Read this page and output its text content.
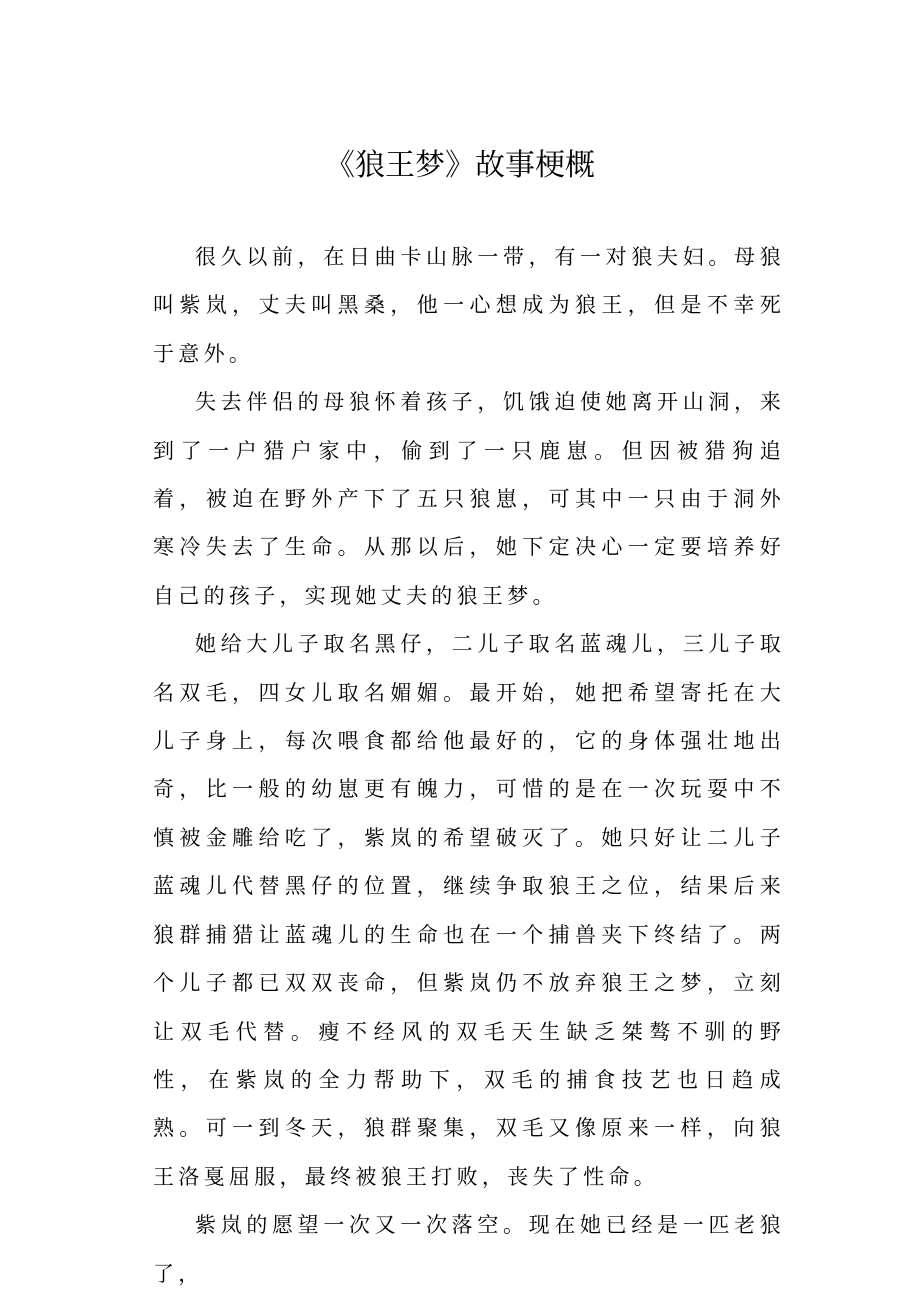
《狼王梦》故事梗概

很久以前，在日曲卡山脉一带，有一对狼夫妇。母狼叫紫岚，丈夫叫黑桑，他一心想成为狼王，但是不幸死于意外。

失去伴侣的母狼怀着孩子，饥饿迫使她离开山洞，来到了一户猎户家中，偷到了一只鹿崽。但因被猎狗追着，被迫在野外产下了五只狼崽，可其中一只由于洞外寒冷失去了生命。从那以后，她下定决心一定要培养好自己的孩子，实现她丈夫的狼王梦。

她给大儿子取名黑仔，二儿子取名蓝魂儿，三儿子取名双毛，四女儿取名媚媚。最开始，她把希望寄托在大儿子身上，每次喂食都给他最好的，它的身体强壮地出奇，比一般的幼崽更有魄力，可惜的是在一次玩耍中不慎被金雕给吃了，紫岚的希望破灭了。她只好让二儿子蓝魂儿代替黑仔的位置，继续争取狼王之位，结果后来狼群捕猎让蓝魂儿的生命也在一个捕兽夹下终结了。两个儿子都已双双丧命，但紫岚仍不放弃狼王之梦，立刻让双毛代替。瘦不经风的双毛天生缺乏桀骜不驯的野性，在紫岚的全力帮助下，双毛的捕食技艺也日趋成熟。可一到冬天，狼群聚集，双毛又像原来一样，向狼王洛戛屈服，最终被狼王打败，丧失了性命。

紫岚的愿望一次又一次落空。现在她已经是一匹老狼了，
